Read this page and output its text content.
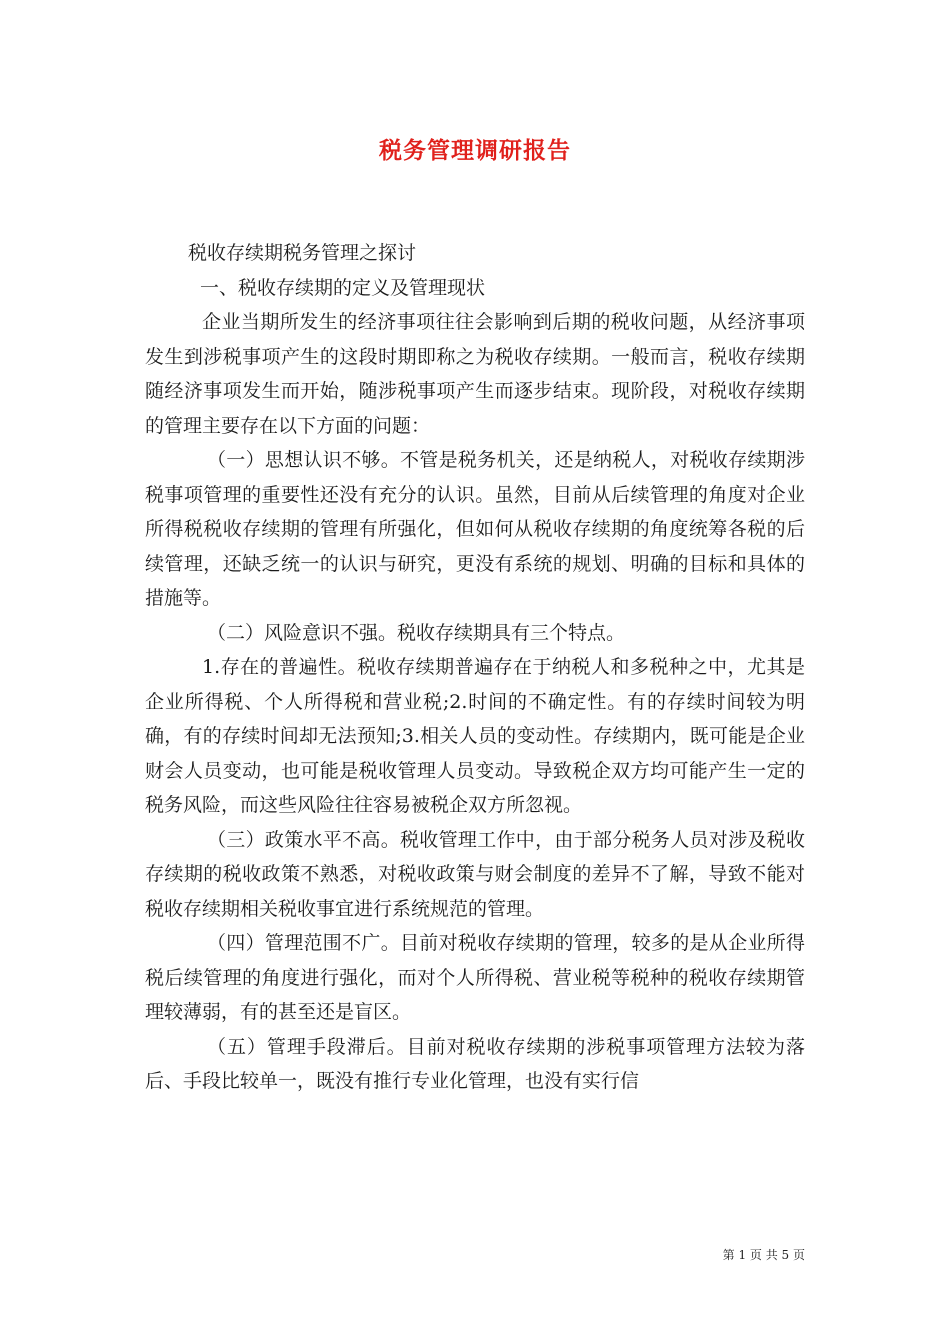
税务管理调研报告

税收存续期税务管理之探讨

一、税收存续期的定义及管理现状

企业当期所发生的经济事项往往会影响到后期的税收问题，从经济事项发生到涉税事项产生的这段时期即称之为税收存续期。一般而言，税收存续期随经济事项发生而开始，随涉税事项产生而逐步结束。现阶段，对税收存续期的管理主要存在以下方面的问题：

（一）思想认识不够。不管是税务机关，还是纳税人，对税收存续期涉税事项管理的重要性还没有充分的认识。虽然，目前从后续管理的角度对企业所得税税收存续期的管理有所强化，但如何从税收存续期的角度统筹各税的后续管理，还缺乏统一的认识与研究，更没有系统的规划、明确的目标和具体的措施等。

（二）风险意识不强。税收存续期具有三个特点。

1.存在的普遍性。税收存续期普遍存在于纳税人和多税种之中，尤其是企业所得税、个人所得税和营业税;2.时间的不确定性。有的存续时间较为明确，有的存续时间却无法预知;3.相关人员的变动性。存续期内，既可能是企业财会人员变动，也可能是税收管理人员变动。导致税企双方均可能产生一定的税务风险，而这些风险往往容易被税企双方所忽视。

（三）政策水平不高。税收管理工作中，由于部分税务人员对涉及税收存续期的税收政策不熟悉，对税收政策与财会制度的差异不了解，导致不能对税收存续期相关税收事宜进行系统规范的管理。

（四）管理范围不广。目前对税收存续期的管理，较多的是从企业所得税后续管理的角度进行强化，而对个人所得税、营业税等税种的税收存续期管理较薄弱，有的甚至还是盲区。

（五）管理手段滞后。目前对税收存续期的涉税事项管理方法较为落后、手段比较单一，既没有推行专业化管理，也没有实行信

第 1 页 共 5 页
